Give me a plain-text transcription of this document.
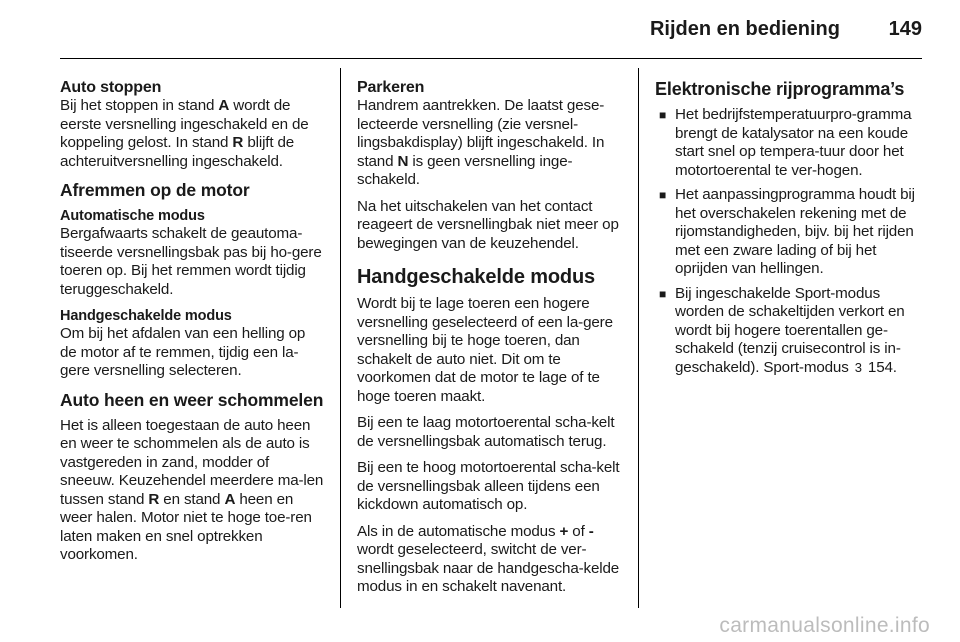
Rijden en bediening	149
Auto stoppen

Bij het stoppen in stand A wordt de eerste versnelling ingeschakeld en de koppeling gelost. In stand R blijft de achteruitversnelling ingeschakeld.

Afremmen op de motor
Automatische modus

Bergafwaarts schakelt de geautoma-tiseerde versnellingsbak pas bij ho-gere toeren op. Bij het remmen wordt tijdig teruggeschakeld.

Handgeschakelde modus

Om bij het afdalen van een helling op de motor af te remmen, tijdig een la-gere versnelling selecteren.

Auto heen en weer schommelen

Het is alleen toegestaan de auto heen en weer te schommelen als de auto is vastgereden in zand, modder of sneeuw. Keuzehendel meerdere ma-len tussen stand R en stand A heen en weer halen. Motor niet te hoge toe-ren laten maken en snel optrekken voorkomen.

Parkeren

Handrem aantrekken. De laatst gese-lecteerde versnelling (zie versnel-lingsbakdisplay) blijft ingeschakeld. In stand N is geen versnelling inge-schakeld.

Na het uitschakelen van het contact reageert de versnellingbak niet meer op bewegingen van de keuzehendel.

Handgeschakelde modus

Wordt bij te lage toeren een hogere versnelling geselecteerd of een la-gere versnelling bij te hoge toeren, dan schakelt de auto niet. Dit om te voorkomen dat de motor te lage of te hoge toeren maakt.

Bij een te laag motortoerental scha-kelt de versnellingsbak automatisch terug.

Bij een te hoog motortoerental scha-kelt de versnellingsbak alleen tijdens een kickdown automatisch op.

Als in de automatische modus + of - wordt geselecteerd, switcht de ver-snellingsbak naar de handgescha-kelde modus in en schakelt navenant.

Elektronische rijprogramma’s
■ Het bedrijfstemperatuurpro-gramma brengt de katalysator na een koude start snel op tempera-tuur door het motortoerental te ver-hogen.
■ Het aanpassingprogramma houdt bij het overschakelen rekening met de rijomstandigheden, bijv. bij het rijden met een zware lading of bij het oprijden van hellingen.
■ Bij ingeschakelde Sport-modus worden de schakeltijden verkort en wordt bij hogere toerentallen ge-schakeld (tenzij cruisecontrol is in-geschakeld). Sport-modus 3 154.
carmanualsonline.info
